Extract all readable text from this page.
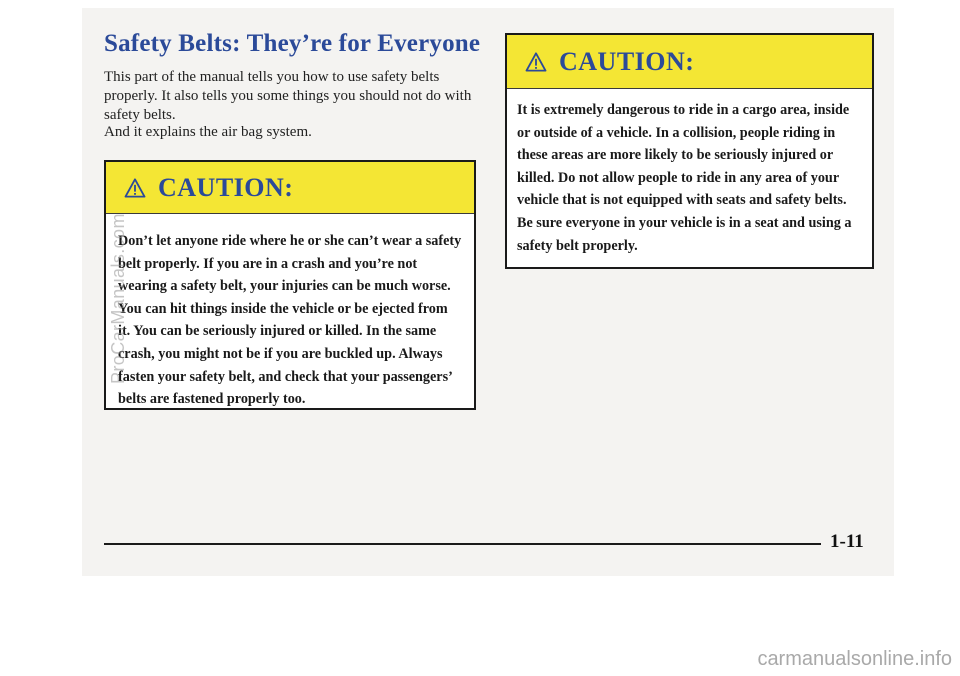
Safety Belts: They’re for Everyone

This part of the manual tells you how to use safety belts properly. It also tells you some things you should not do with safety belts.

And it explains the air bag system.

CAUTION:

Don’t let anyone ride where he or she can’t wear a safety belt properly. If you are in a crash and you’re not wearing a safety belt, your injuries can be much worse. You can hit things inside the vehicle or be ejected from it. You can be seriously injured or killed. In the same crash, you might not be if you are buckled up. Always fasten your safety belt, and check that your passengers’ belts are fastened properly too.

CAUTION:

It is extremely dangerous to ride in a cargo area, inside or outside of a vehicle. In a collision, people riding in these areas are more likely to be seriously injured or killed. Do not allow people to ride in any area of your vehicle that is not equipped with seats and safety belts. Be sure everyone in your vehicle is in a seat and using a safety belt properly.

1-11
ProCarManuals.com
carmanualsonline.info
